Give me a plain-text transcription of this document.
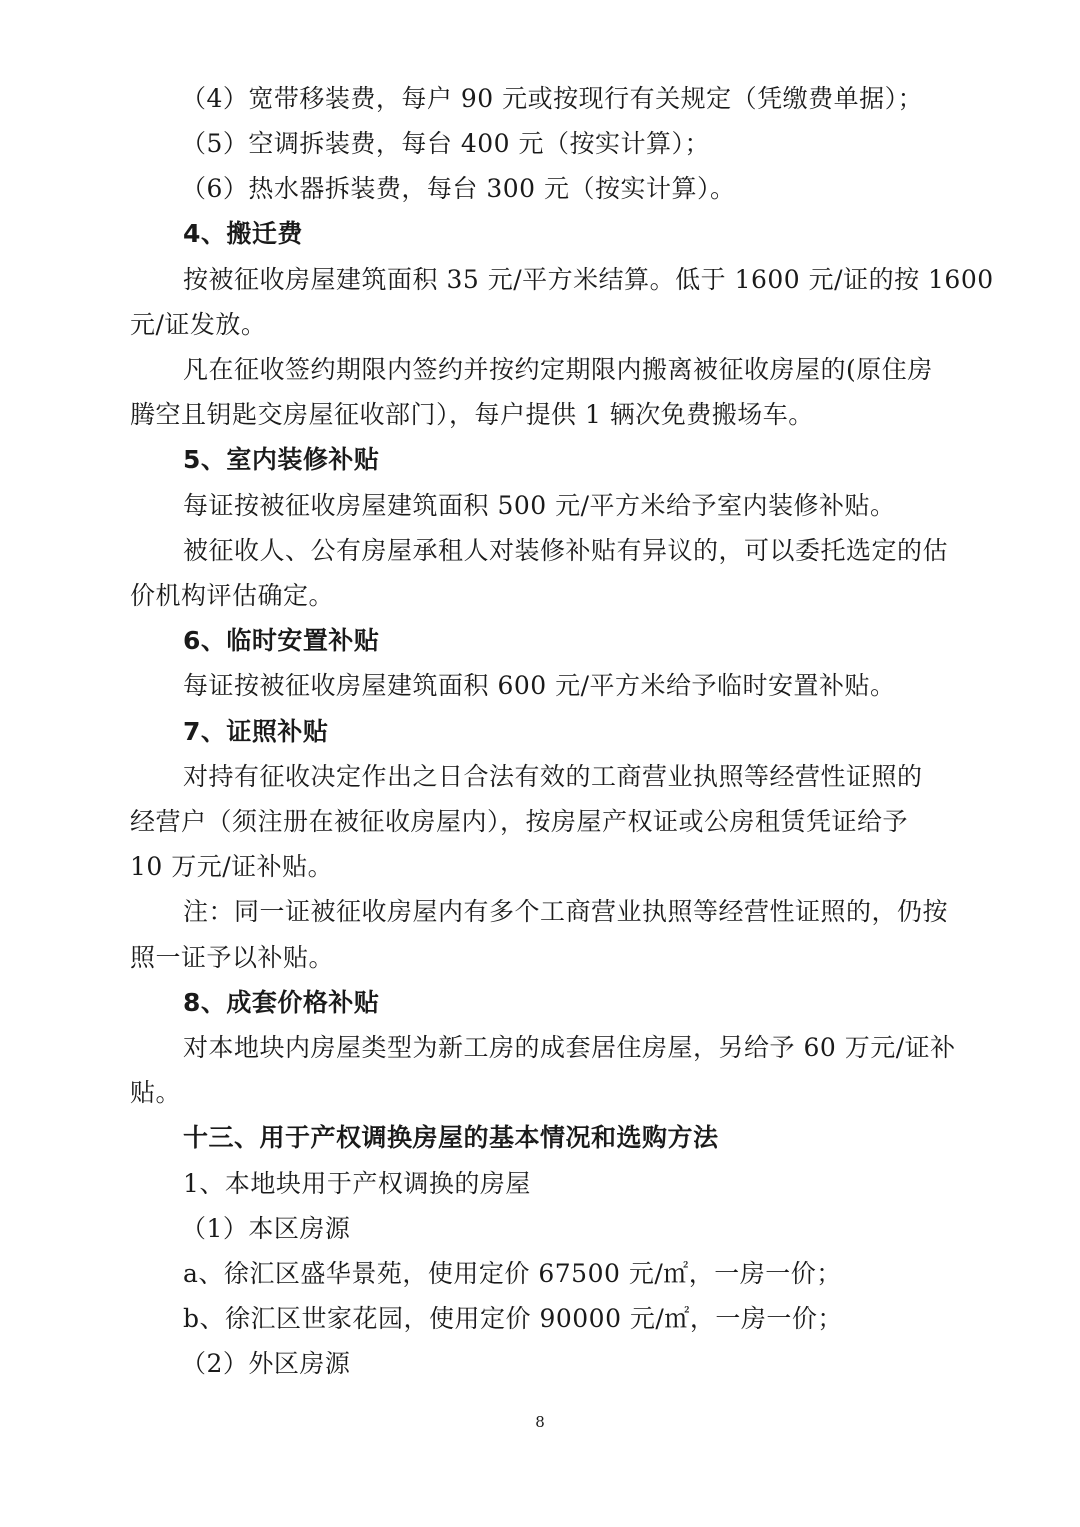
（4）宽带移装费，每户 90 元或按现行有关规定（凭缴费单据）；
（5）空调拆装费，每台 400 元（按实计算）；
（6）热水器拆装费，每台 300 元（按实计算）。
4、搬迁费
按被征收房屋建筑面积 35 元/平方米结算。低于 1600 元/证的按 1600
元/证发放。
凡在征收签约期限内签约并按约定期限内搬离被征收房屋的(原住房
腾空且钥匙交房屋征收部门），每户提供 1 辆次免费搬场车。
5、室内装修补贴
每证按被征收房屋建筑面积 500 元/平方米给予室内装修补贴。
被征收人、公有房屋承租人对装修补贴有异议的，可以委托选定的估
价机构评估确定。
6、临时安置补贴
每证按被征收房屋建筑面积 600 元/平方米给予临时安置补贴。
7、证照补贴
对持有征收决定作出之日合法有效的工商营业执照等经营性证照的
经营户（须注册在被征收房屋内），按房屋产权证或公房租赁凭证给予
10 万元/证补贴。
注：同一证被征收房屋内有多个工商营业执照等经营性证照的，仍按
照一证予以补贴。
8、成套价格补贴
对本地块内房屋类型为新工房的成套居住房屋，另给予 60 万元/证补
贴。
十三、用于产权调换房屋的基本情况和选购方法
1、本地块用于产权调换的房屋
（1）本区房源
a、徐汇区盛华景苑，使用定价 67500 元/㎡，一房一价；
b、徐汇区世家花园，使用定价 90000 元/㎡，一房一价；
（2）外区房源
8
